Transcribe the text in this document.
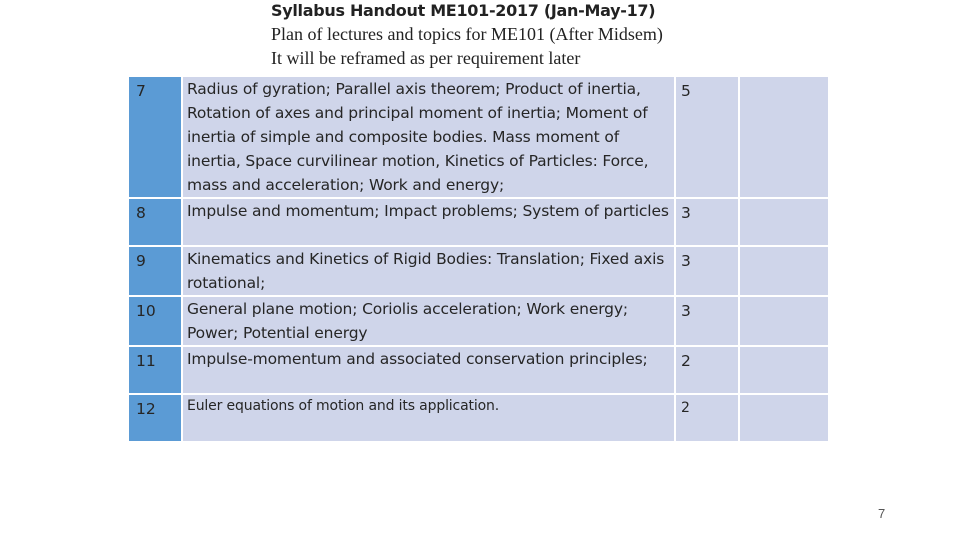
Syllabus Handout ME101-2017 (Jan-May-17)
Plan of lectures and topics for ME101 (After Midsem)
It will be reframed as per requirement later
7	Radius of gyration; Parallel axis theorem; Product of inertia, Rotation of axes and principal moment of inertia; Moment of inertia of simple and composite bodies. Mass moment of inertia, Space curvilinear motion, Kinetics of Particles: Force, mass and acceleration; Work and energy;	5	
8	Impulse and momentum; Impact problems; System of particles	3	
9	Kinematics and Kinetics of Rigid Bodies: Translation; Fixed axis rotational;	3	
10	General plane motion; Coriolis acceleration; Work energy; Power; Potential energy	3	
11	Impulse-momentum and associated conservation principles;	2	
12	Euler equations of motion and its application.	2	
7
